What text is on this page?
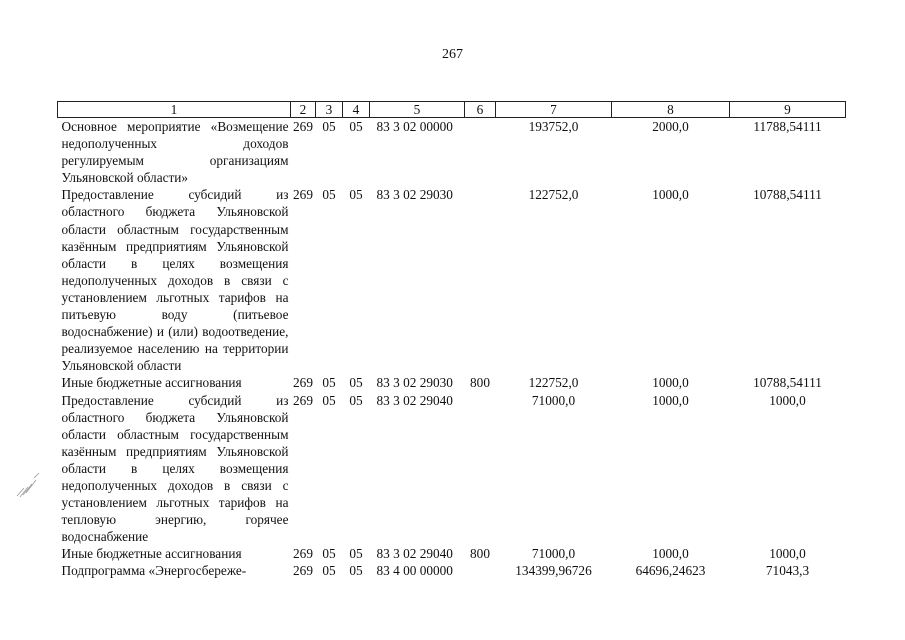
267
1	2	3	4	5	6	7	8	9
Основное мероприятие «Возмещение недополученных доходов регулируемым организациям Ульяновской области»	269	05	05	83 3 02 00000		193752,0	2000,0	11788,54111
Предоставление субсидий из областного бюджета Ульяновской области областным государственным казённым предприятиям Ульяновской области в целях возмещения недополученных доходов в связи с установлением льготных тарифов на питьевую воду (питьевое водоснабжение) и (или) водоотведение, реализуемое населению на территории Ульяновской области	269	05	05	83 3 02 29030		122752,0	1000,0	10788,54111
Иные бюджетные ассигнования	269	05	05	83 3 02 29030	800	122752,0	1000,0	10788,54111
Предоставление субсидий из областного бюджета Ульяновской области областным государственным казённым предприятиям Ульяновской области в целях возмещения недополученных доходов в связи с установлением льготных тарифов на тепловую энергию, горячее водоснабжение	269	05	05	83 3 02 29040		71000,0	1000,0	1000,0
Иные бюджетные ассигнования	269	05	05	83 3 02 29040	800	71000,0	1000,0	1000,0
Подпрограмма «Энергосбереже-	269	05	05	83 4 00 00000		134399,96726	64696,24623	71043,3
